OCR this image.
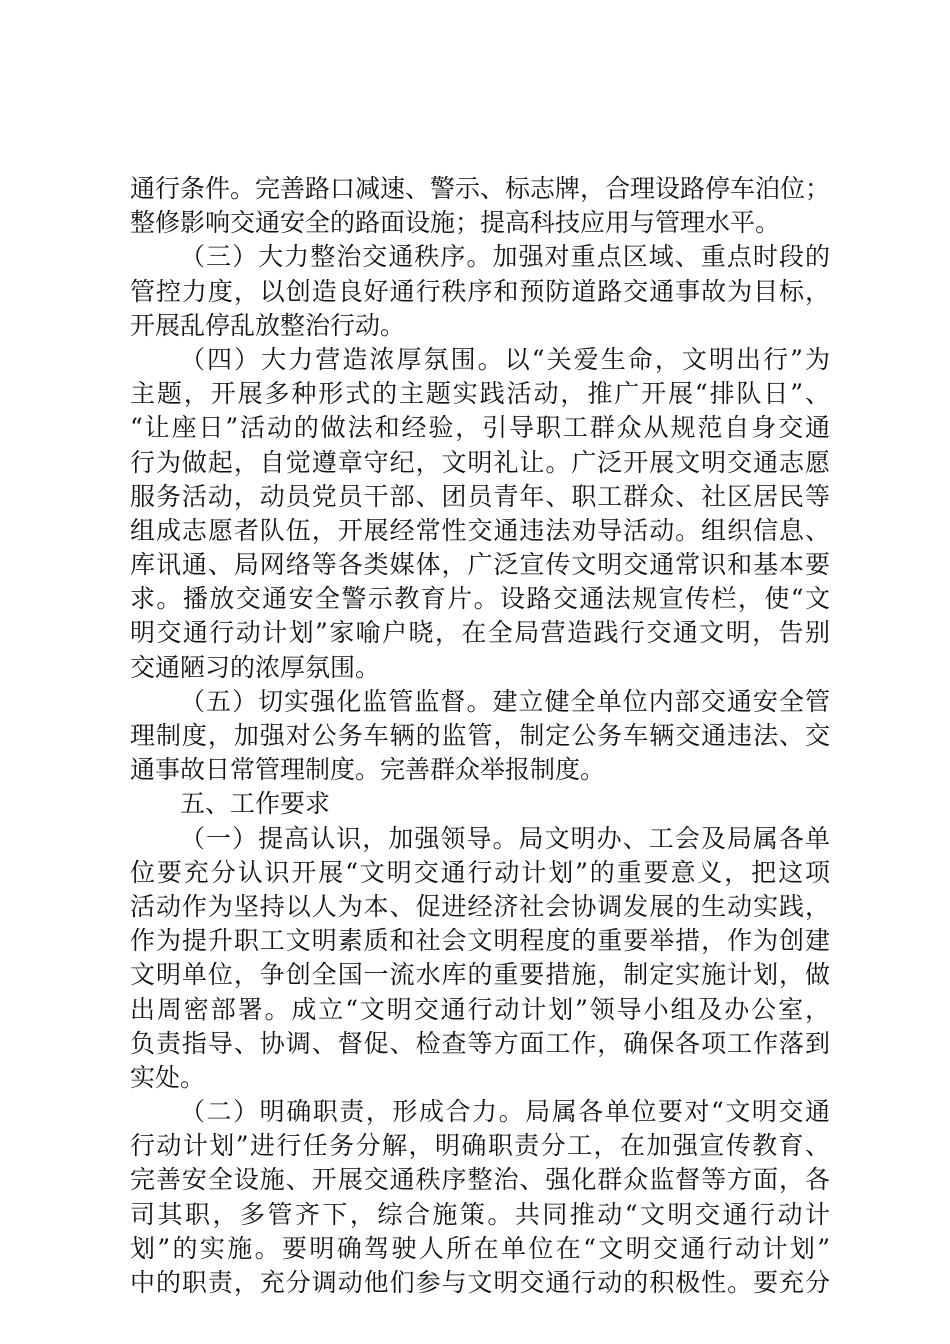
通行条件。完善路口减速、警示、标志牌，合理设路停车泊位；
整修影响交通安全的路面设施；提高科技应用与管理水平。
（三）大力整治交通秩序。加强对重点区域、重点时段的
管控力度，以创造良好通行秩序和预防道路交通事故为目标，
开展乱停乱放整治行动。
（四）大力营造浓厚氛围。以“关爱生命，文明出行”为
主题，开展多种形式的主题实践活动，推广开展“排队日”、
“让座日”活动的做法和经验，引导职工群众从规范自身交通
行为做起，自觉遵章守纪，文明礼让。广泛开展文明交通志愿
服务活动，动员党员干部、团员青年、职工群众、社区居民等
组成志愿者队伍，开展经常性交通违法劝导活动。组织信息、
库讯通、局网络等各类媒体，广泛宣传文明交通常识和基本要
求。播放交通安全警示教育片。设路交通法规宣传栏，使“文
明交通行动计划”家喻户晓，在全局营造践行交通文明，告别
交通陋习的浓厚氛围。
（五）切实强化监管监督。建立健全单位内部交通安全管
理制度，加强对公务车辆的监管，制定公务车辆交通违法、交
通事故日常管理制度。完善群众举报制度。
五、工作要求
（一）提高认识，加强领导。局文明办、工会及局属各单
位要充分认识开展“文明交通行动计划”的重要意义，把这项
活动作为坚持以人为本、促进经济社会协调发展的生动实践，
作为提升职工文明素质和社会文明程度的重要举措，作为创建
文明单位，争创全国一流水库的重要措施，制定实施计划，做
出周密部署。成立“文明交通行动计划”领导小组及办公室，
负责指导、协调、督促、检查等方面工作，确保各项工作落到
实处。
（二）明确职责，形成合力。局属各单位要对“文明交通
行动计划”进行任务分解，明确职责分工，在加强宣传教育、
完善安全设施、开展交通秩序整治、强化群众监督等方面，各
司其职，多管齐下，综合施策。共同推动“文明交通行动计
划”的实施。要明确驾驶人所在单位在“文明交通行动计划”
中的职责，充分调动他们参与文明交通行动的积极性。要充分
